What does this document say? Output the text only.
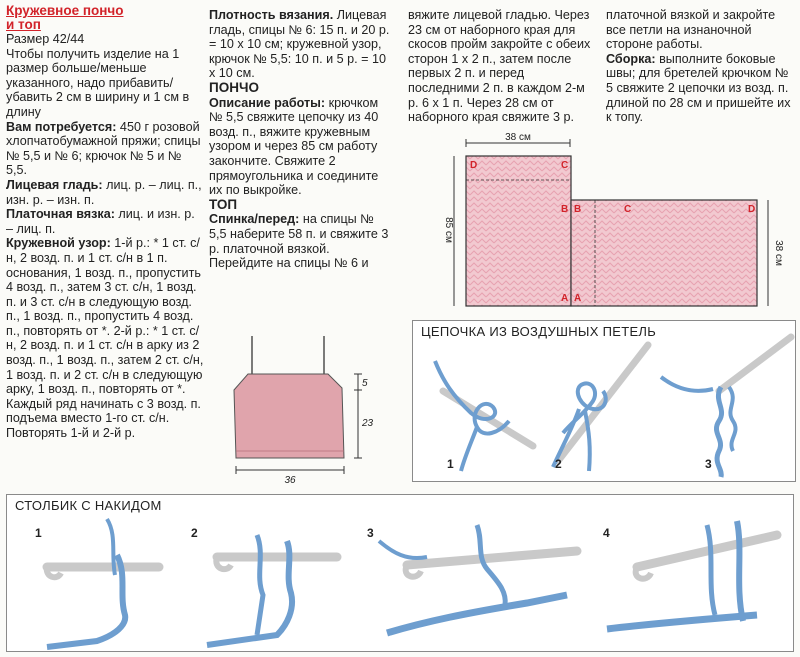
Кружевное пончо
и топ

Размер 42/44

Чтобы получить изделие на 1 размер больше/меньше указанного, надо прибавить/убавить 2 см в ширину и 1 см в длину

Вам потребуется: 450 г розовой хлопчатобумажной пряжи; спицы № 5,5 и № 6; крючок № 5 и № 5,5.

Лицевая гладь: лиц. р. – лиц. п., изн. р. – изн. п.

Платочная вязка: лиц. и изн. р. – лиц. п.

Кружевной узор: 1-й р.: * 1 ст. с/н, 2 возд. п. и 1 ст. с/н в 1 п. основания, 1 возд. п., пропустить 4 возд. п., затем 3 ст. с/н, 1 возд. п. и 3 ст. с/н в следующую возд. п., 1 возд. п., пропустить 4 возд. п., повторять от *. 2-й р.: * 1 ст. с/н, 2 возд. п. и 1 ст. с/н в арку из 2 возд. п., 1 возд. п., затем 2 ст. с/н, 1 возд. п. и 2 ст. с/н в следующую арку, 1 возд. п., повторять от *. Каждый ряд начинать с 3 возд. п. подъема вместо 1-го ст. с/н. Повторять 1-й и 2-й р.

Плотность вязания. Лицевая гладь, спицы № 6: 15 п. и 20 р. = 10 х 10 см; кружевной узор, крючок № 5,5: 10 п. и 5 р. = 10 х 10 см.

ПОНЧО

Описание работы: крючком № 5,5 свяжите цепочку из 40 возд. п., вяжите кружевным узором и через 85 см работу закончите. Свяжите 2 прямоугольника и соедините их по выкройке.

ТОП

Спинка/перед: на спицы № 5,5 наберите 58 п. и свяжите 3 р. платочной вязкой. Перейдите на спицы № 6 и

вяжите лицевой гладью. Через 23 см от наборного края для скосов пройм закройте с обеих сторон 1 х 2 п., затем после первых 2 п. и перед последними 2 п. в каждом 2-м р. 6 х 1 п. Через 28 см от наборного края свяжите 3 р.

платочной вязкой и закройте все петли на изнаночной стороне работы.

Сборка: выполните боковые швы; для бретелей крючком № 5 свяжите 2 цепочки из возд. п. длиной по 28 см и пришейте их к топу.

38 см
85 см
38 см
D	C
B B	C	D
A A
5
23
36
ЦЕПОЧКА ИЗ ВОЗДУШНЫХ ПЕТЕЛЬ
1	2	3
СТОЛБИК С НАКИДОМ
1	2	3	4
